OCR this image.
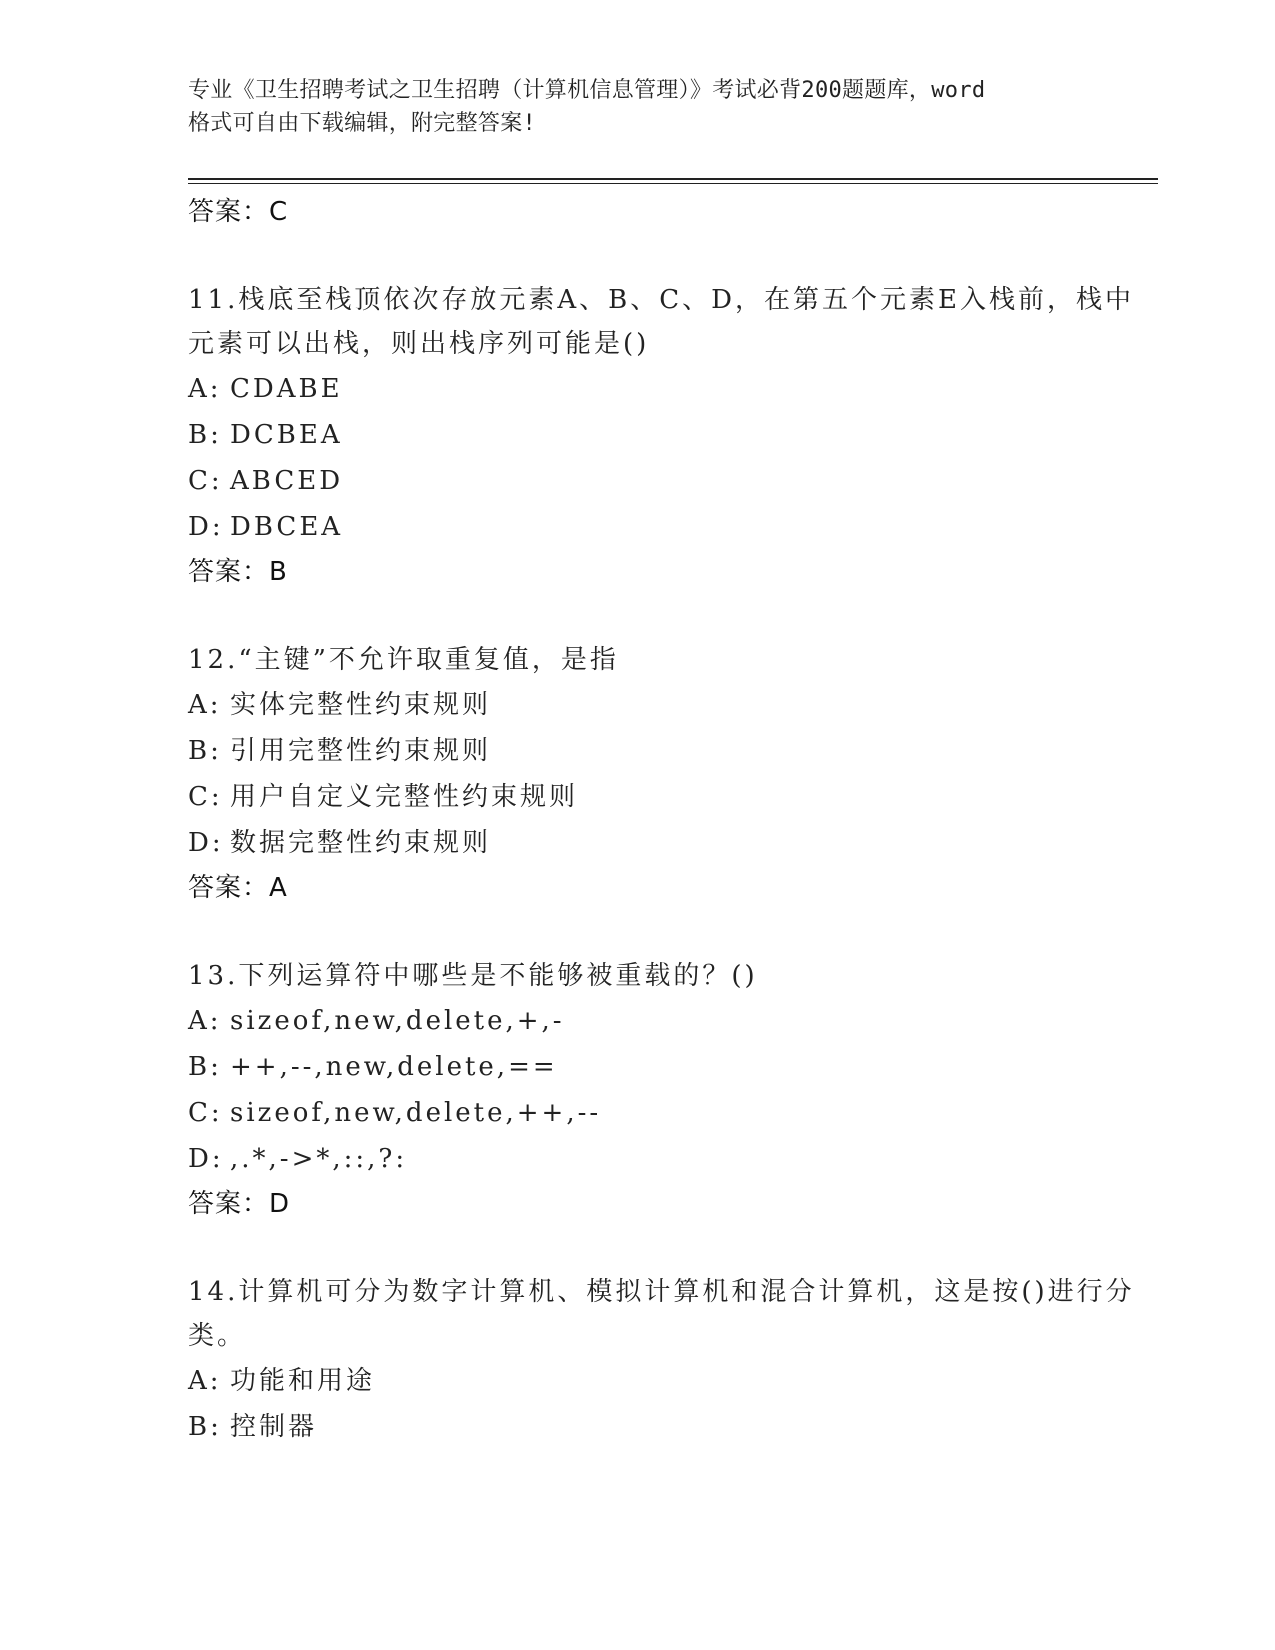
专业《卫生招聘考试之卫生招聘（计算机信息管理）》考试必背200题题库，word
格式可自由下载编辑，附完整答案!
答案：C
11.栈底至栈顶依次存放元素A、B、C、D，在第五个元素E入栈前，栈中元素可以出栈，则出栈序列可能是()
A: CDABE
B: DCBEA
C: ABCED
D: DBCEA
答案：B
12.“主键”不允许取重复值，是指
A: 实体完整性约束规则
B: 引用完整性约束规则
C: 用户自定义完整性约束规则
D: 数据完整性约束规则
答案：A
13.下列运算符中哪些是不能够被重载的？()
A: sizeof,new,delete,+,-
B: ++,--,new,delete,==
C: sizeof,new,delete,++,--
D: ,.*,->*,::,?:
答案：D
14.计算机可分为数字计算机、模拟计算机和混合计算机，这是按()进行分类。
A: 功能和用途
B: 控制器
